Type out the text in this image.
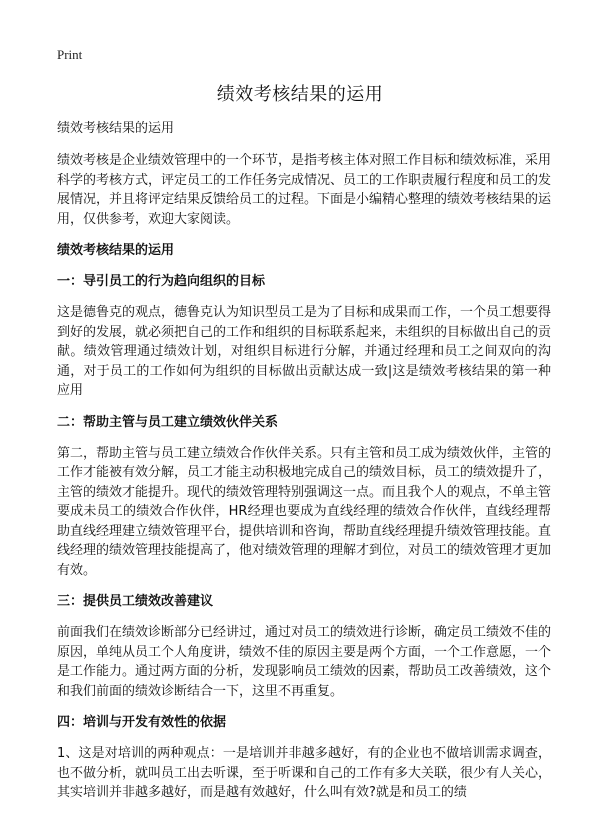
Print
绩效考核结果的运用

绩效考核结果的运用

绩效考核是企业绩效管理中的一个环节，是指考核主体对照工作目标和绩效标准，采用科学的考核方式，评定员工的工作任务完成情况、员工的工作职责履行程度和员工的发展情况，并且将评定结果反馈给员工的过程。下面是小编精心整理的绩效考核结果的运用，仅供参考，欢迎大家阅读。

绩效考核结果的运用

一：导引员工的行为趋向组织的目标

这是德鲁克的观点，德鲁克认为知识型员工是为了目标和成果而工作，一个员工想要得到好的发展，就必须把自己的工作和组织的目标联系起来，未组织的目标做出自己的贡献。绩效管理通过绩效计划，对组织目标进行分解，并通过经理和员工之间双向的沟通，对于员工的工作如何为组织的目标做出贡献达成一致|这是绩效考核结果的第一种应用

二：帮助主管与员工建立绩效伙伴关系

第二，帮助主管与员工建立绩效合作伙伴关系。只有主管和员工成为绩效伙伴，主管的工作才能被有效分解，员工才能主动积极地完成自己的绩效目标，员工的绩效提升了，主管的绩效才能提升。现代的绩效管理特别强调这一点。而且我个人的观点，不单主管要成未员工的绩效合作伙伴，HR经理也要成为直线经理的绩效合作伙伴，直线经理帮助直线经理建立绩效管理平台，提供培训和咨询，帮助直线经理提升绩效管理技能。直线经理的绩效管理技能提高了，他对绩效管理的理解才到位，对员工的绩效管理才更加有效。

三：提供员工绩效改善建议

前面我们在绩效诊断部分已经讲过，通过对员工的绩效进行诊断，确定员工绩效不佳的原因，单纯从员工个人角度讲，绩效不佳的原因主要是两个方面，一个工作意愿，一个是工作能力。通过两方面的分析，发现影响员工绩效的因素，帮助员工改善绩效，这个和我们前面的绩效诊断结合一下，这里不再重复。

四：培训与开发有效性的依据

1、这是对培训的两种观点：一是培训并非越多越好，有的企业也不做培训需求调查，也不做分析，就叫员工出去听课，至于听课和自己的工作有多大关联，很少有人关心，其实培训并非越多越好，而是越有效越好，什么叫有效?就是和员工的绩
